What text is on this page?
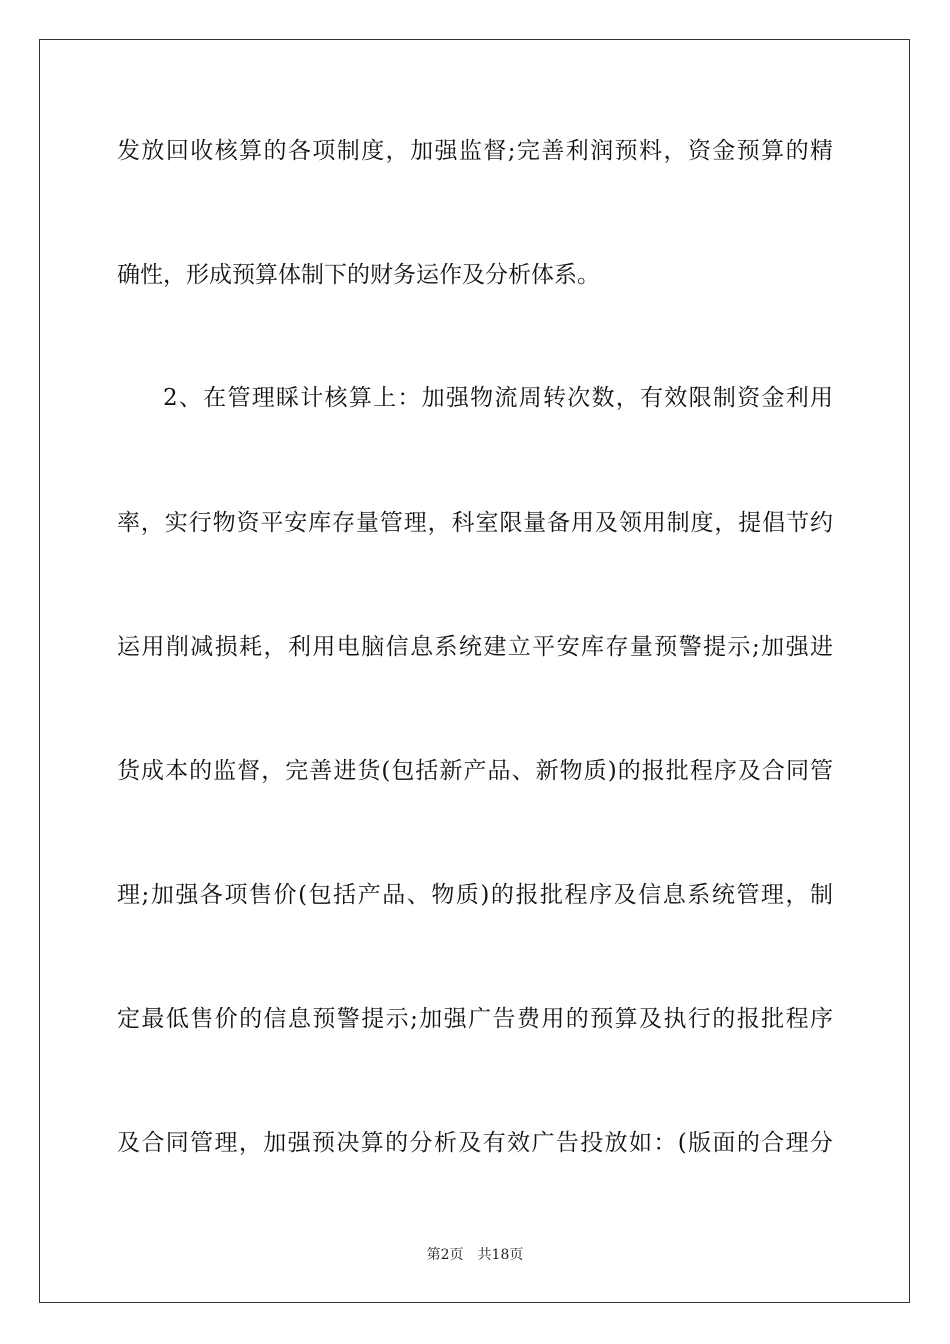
发放回收核算的各项制度，加强监督;完善利润预料，资金预算的精
确性，形成预算体制下的财务运作及分析体系。
2、在管理睬计核算上：加强物流周转次数，有效限制资金利用
率，实行物资平安库存量管理，科室限量备用及领用制度，提倡节约
运用削减损耗，利用电脑信息系统建立平安库存量预警提示;加强进
货成本的监督，完善进货(包括新产品、新物质)的报批程序及合同管
理;加强各项售价(包括产品、物质)的报批程序及信息系统管理，制
定最低售价的信息预警提示;加强广告费用的预算及执行的报批程序
及合同管理，加强预决算的分析及有效广告投放如：(版面的合理分
第2页 共18页
